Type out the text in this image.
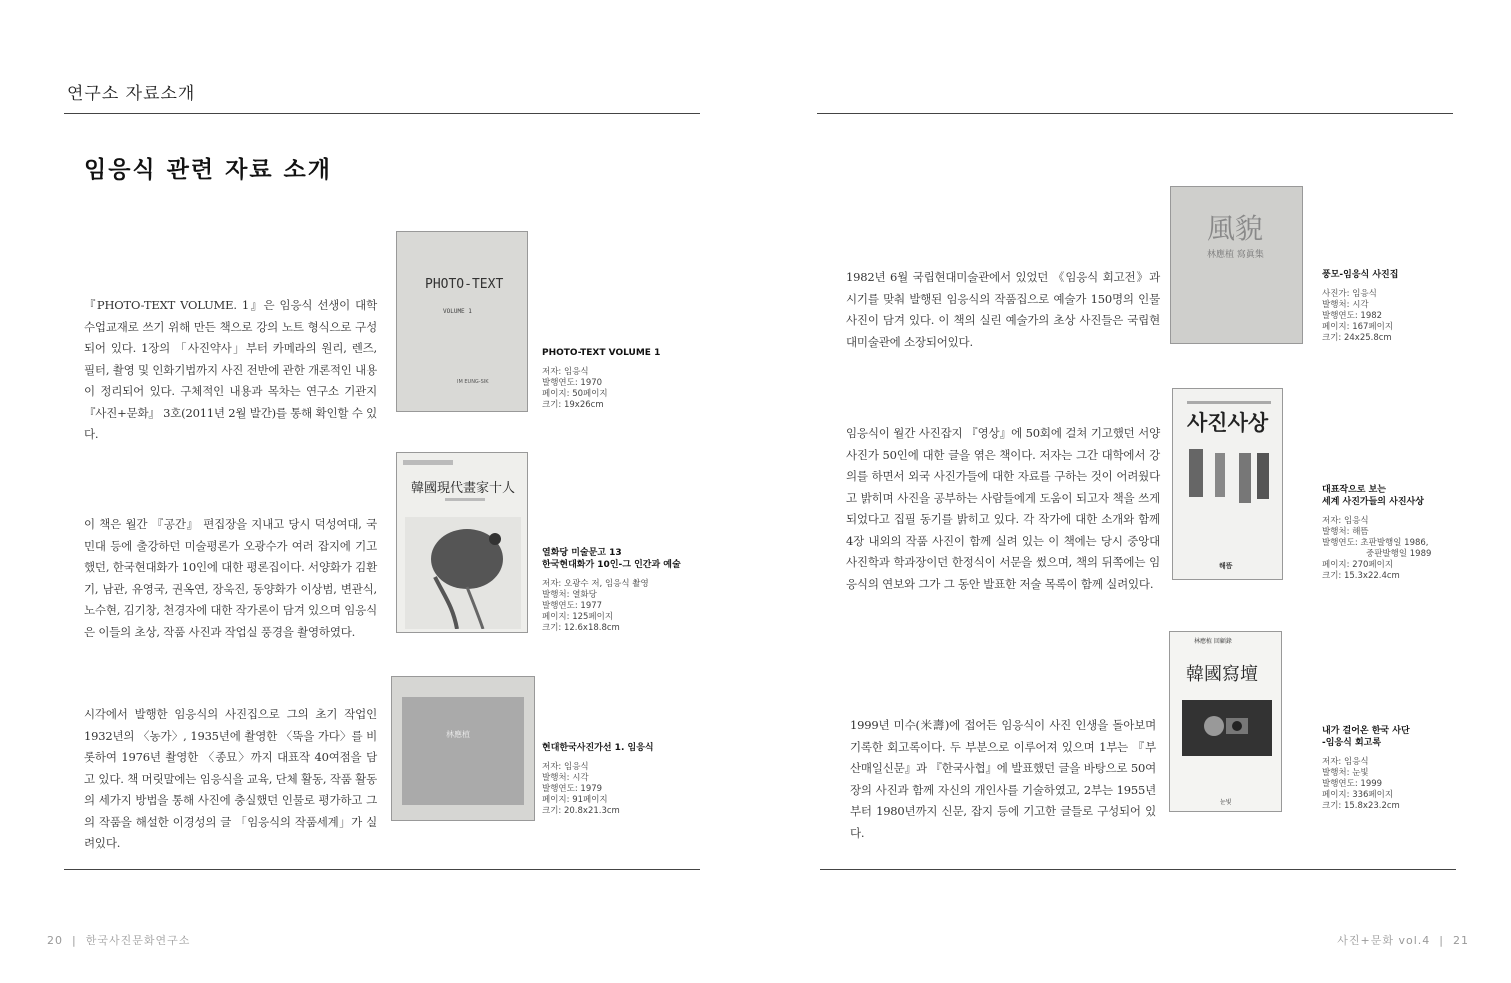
연구소 자료소개
임응식 관련 자료 소개
『PHOTO-TEXT VOLUME. 1』은 임응식 선생이 대학 수업교재로 쓰기 위해 만든 책으로 강의 노트 형식으로 구성되어 있다. 1장의 「사진약사」부터 카메라의 원리, 렌즈, 필터, 촬영 및 인화기법까지 사진 전반에 관한 개론적인 내용이 정리되어 있다. 구체적인 내용과 목차는 연구소 기관지 『사진+문화』 3호(2011년 2월 발간)를 통해 확인할 수 있다.
PHOTO-TEXT
VOLUME 1
IM EUNG-SIK
PHOTO-TEXT VOLUME 1
저자: 임응식
발행연도: 1970
페이지: 50페이지
크기: 19x26cm
이 책은 월간 『공간』 편집장을 지내고 당시 덕성여대, 국민대 등에 출강하던 미술평론가 오광수가 여러 잡지에 기고했던, 한국현대화가 10인에 대한 평론집이다. 서양화가 김환기, 남관, 유영국, 권옥연, 장욱진, 동양화가 이상범, 변관식, 노수현, 김기창, 천경자에 대한 작가론이 담겨 있으며 임응식은 이들의 초상, 작품 사진과 작업실 풍경을 촬영하였다.
韓國現代畫家十人
열화당 미술문고 13
한국현대화가 10인-그 인간과 예술
저자: 오광수 저, 임응식 촬영
발행처: 열화당
발행연도: 1977
페이지: 125페이지
크기: 12.6x18.8cm
시각에서 발행한 임응식의 사진집으로 그의 초기 작업인 1932년의 〈농가〉, 1935년에 촬영한 〈뚝을 가다〉를 비롯하여 1976년 촬영한 〈종묘〉까지 대표작 40여점을 담고 있다. 책 머릿말에는 임응식을 교육, 단체 활동, 작품 활동의 세가지 방법을 통해 사진에 충실했던 인물로 평가하고 그의 작품을 해설한 이경성의 글 「임응식의 작품세계」가 실려있다.
林應植
현대한국사진가선 1. 임응식
저자: 임응식
발행처: 시각
발행연도: 1979
페이지: 91페이지
크기: 20.8x21.3cm
1982년 6월 국립현대미술관에서 있었던 《임응식 회고전》과 시기를 맞춰 발행된 임응식의 작품집으로 예술가 150명의 인물사진이 담겨 있다. 이 책의 실린 예술가의 초상 사진들은 국립현대미술관에 소장되어있다.
風貌
林應植 寫眞集
풍모-임응식 사진집
사진가: 임응식
발행처: 시각
발행연도: 1982
페이지: 167페이지
크기: 24x25.8cm
임응식이 월간 사진잡지 『영상』에 50회에 걸쳐 기고했던 서양 사진가 50인에 대한 글을 엮은 책이다. 저자는 그간 대학에서 강의를 하면서 외국 사진가들에 대한 자료를 구하는 것이 어려웠다고 밝히며 사진을 공부하는 사람들에게 도움이 되고자 책을 쓰게 되었다고 집필 동기를 밝히고 있다. 각 작가에 대한 소개와 함께 4장 내외의 작품 사진이 함께 실려 있는 이 책에는 당시 중앙대 사진학과 학과장이던 한정식이 서문을 썼으며, 책의 뒤쪽에는 임응식의 연보와 그가 그 동안 발표한 저술 목록이 함께 실려있다.
사진사상
해뜸
대표작으로 보는
세계 사진가들의 사진사상
저자: 임응식
발행처: 해뜸
발행연도: 초판발행일 1986,
중판발행일 1989
페이지: 270페이지
크기: 15.3x22.4cm
1999년 미수(米壽)에 접어든 임응식이 사진 인생을 돌아보며 기록한 회고록이다. 두 부분으로 이루어져 있으며 1부는 『부산매일신문』과 『한국사협』에 발표했던 글을 바탕으로 50여 장의 사진과 함께 자신의 개인사를 기술하였고, 2부는 1955년부터 1980년까지 신문, 잡지 등에 기고한 글들로 구성되어 있다.
林應植 回顧錄
韓國寫壇
눈빛
내가 걸어온 한국 사단
-임응식 회고록
저자: 임응식
발행처: 눈빛
발행연도: 1999
페이지: 336페이지
크기: 15.8x23.2cm
20  |  한국사진문화연구소	사진+문화 vol.4  |  21
